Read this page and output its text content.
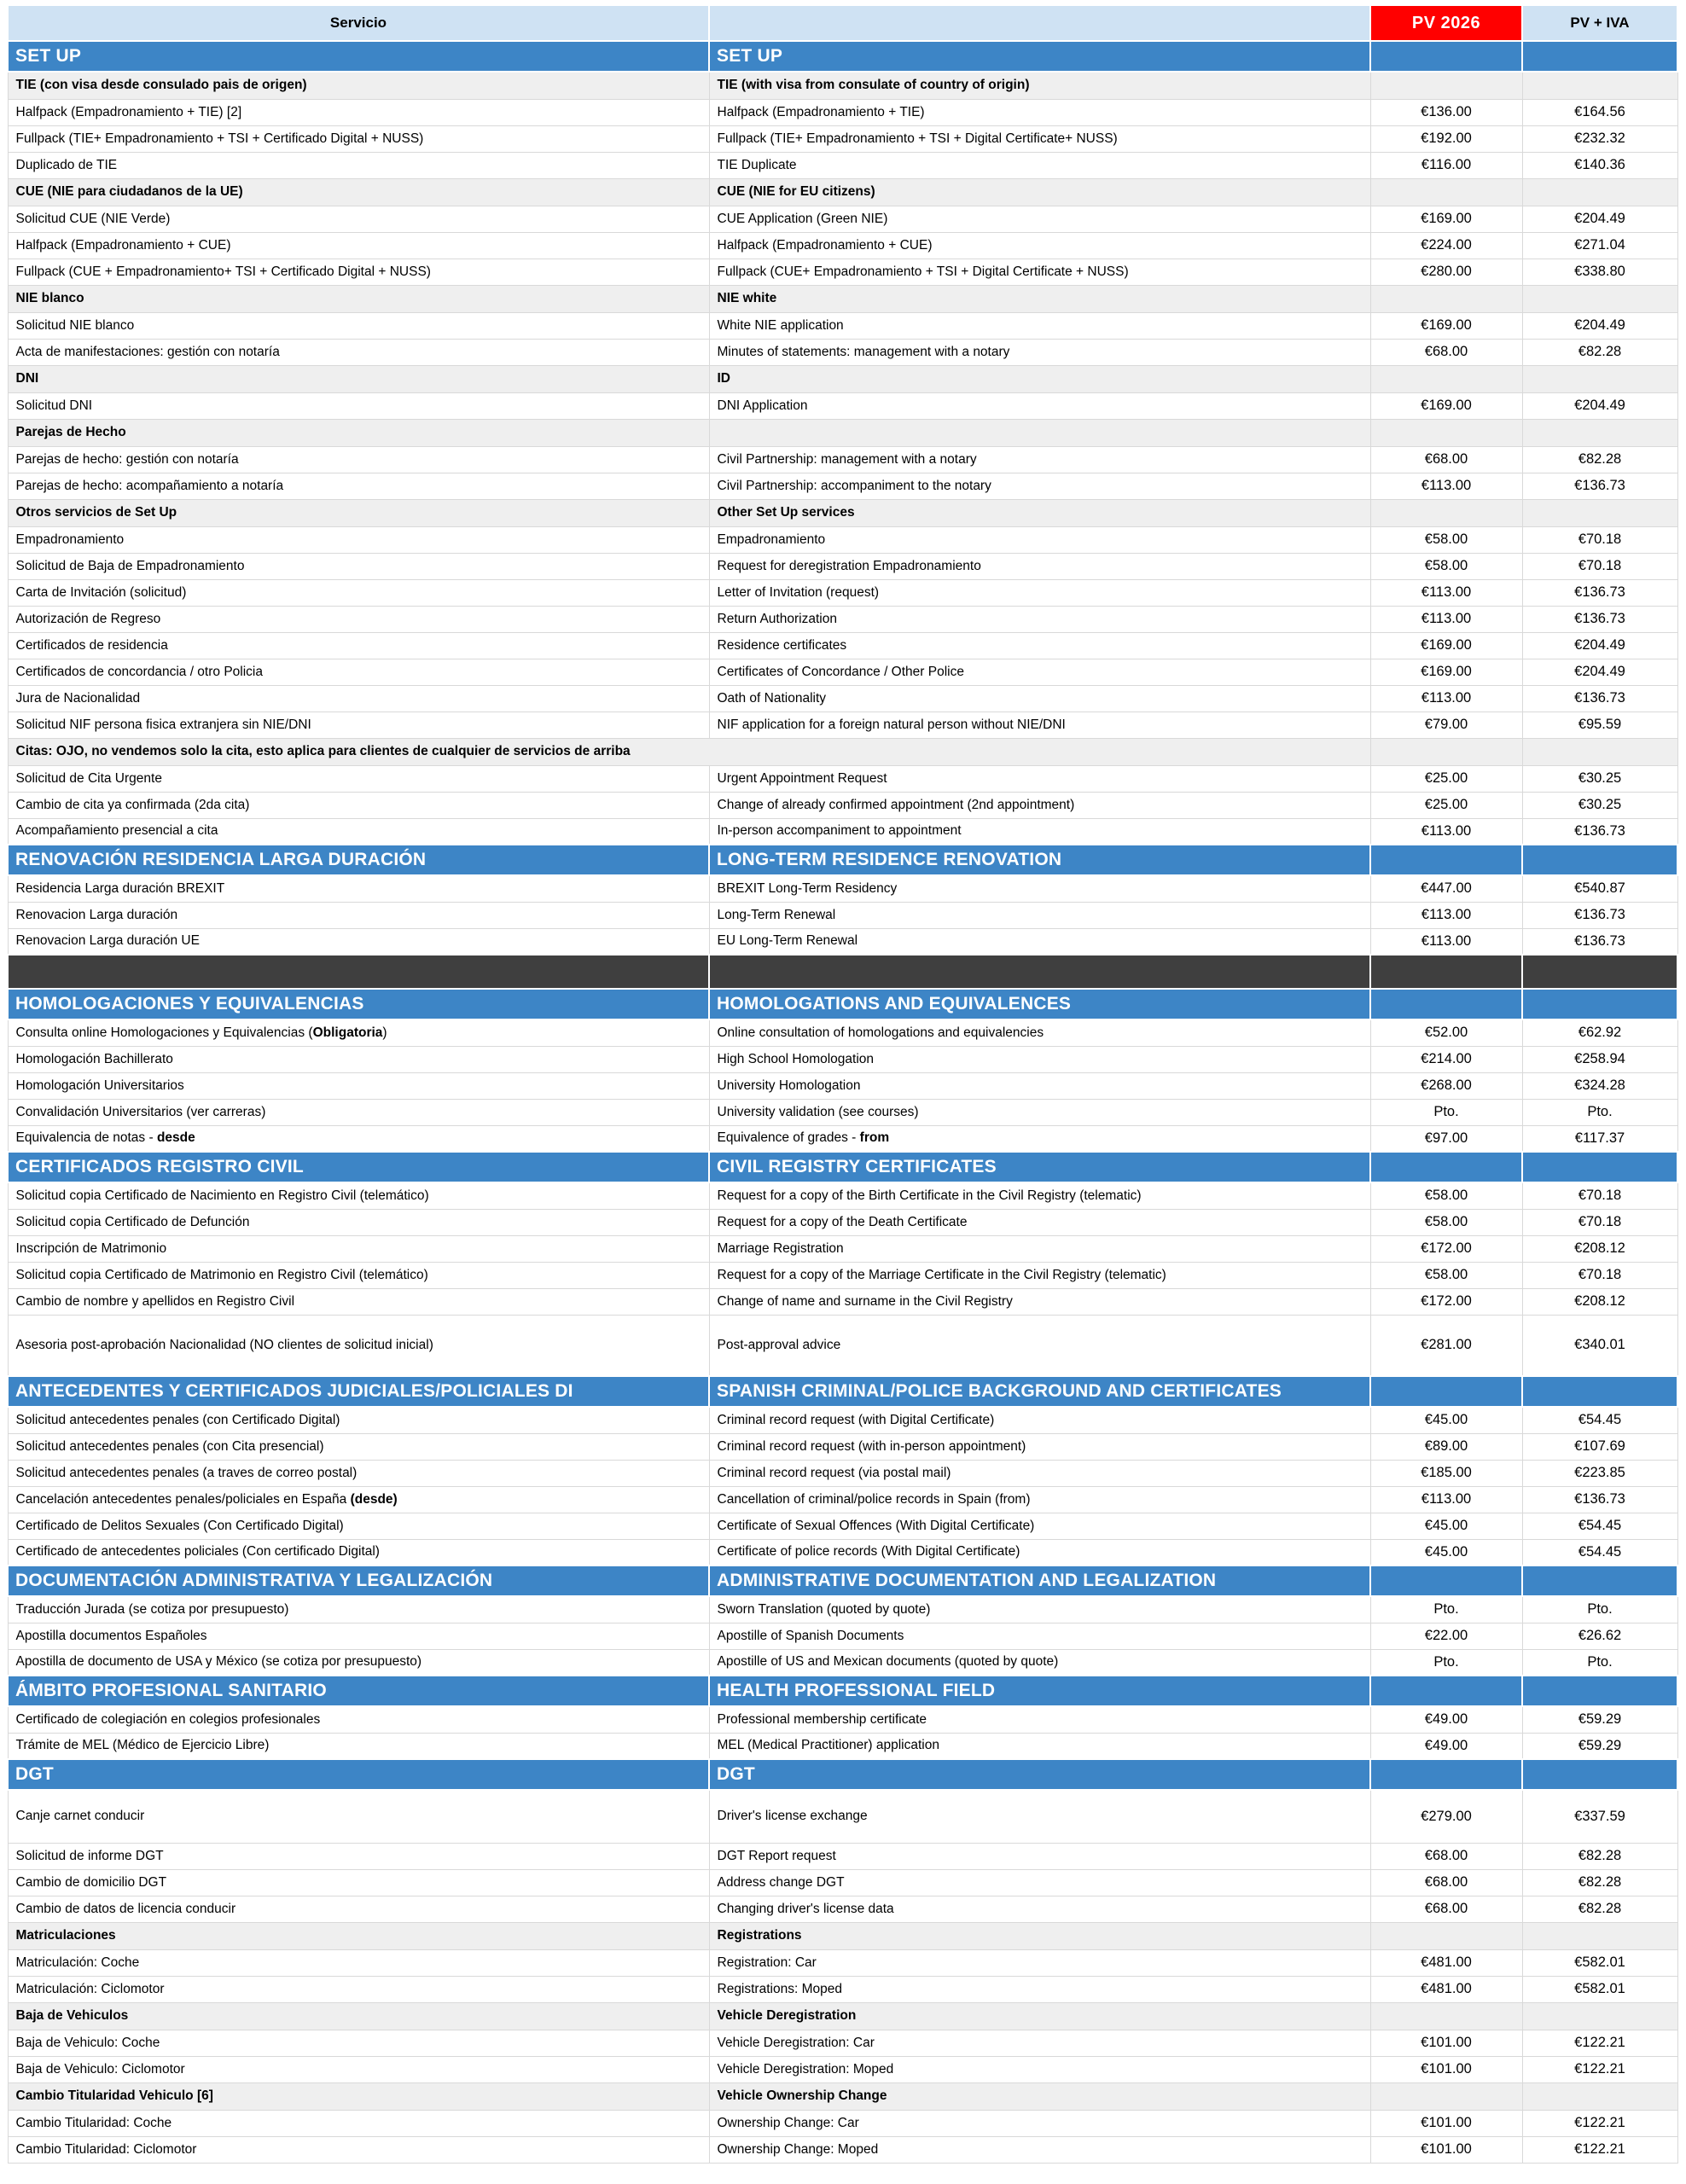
Servicio		PV 2026	PV + IVA
SET UP	SET UP		
TIE (con visa desde consulado pais de origen)	TIE (with visa from consulate of country of origin)		
Halfpack (Empadronamiento + TIE) [2]	Halfpack (Empadronamiento + TIE)	€136.00	€164.56
Fullpack (TIE+ Empadronamiento + TSI + Certificado Digital + NUSS)	Fullpack (TIE+ Empadronamiento + TSI + Digital Certificate+ NUSS)	€192.00	€232.32
Duplicado de TIE	TIE Duplicate	€116.00	€140.36
CUE (NIE para ciudadanos de la UE)	CUE (NIE for EU citizens)		
Solicitud CUE (NIE Verde)	CUE Application (Green NIE)	€169.00	€204.49
Halfpack (Empadronamiento + CUE)	Halfpack (Empadronamiento + CUE)	€224.00	€271.04
Fullpack (CUE + Empadronamiento+ TSI + Certificado Digital + NUSS)	Fullpack (CUE+ Empadronamiento + TSI + Digital Certificate + NUSS)	€280.00	€338.80
NIE blanco	NIE white		
Solicitud NIE blanco	White NIE application	€169.00	€204.49
Acta de manifestaciones: gestión con notaría	Minutes of statements: management with a notary	€68.00	€82.28
DNI	ID		
Solicitud DNI	DNI Application	€169.00	€204.49
Parejas de Hecho			
Parejas de hecho: gestión con notaría	Civil Partnership: management with a notary	€68.00	€82.28
Parejas de hecho: acompañamiento a notaría	Civil Partnership: accompaniment to the notary	€113.00	€136.73
Otros servicios de Set Up	Other Set Up services		
Empadronamiento	Empadronamiento	€58.00	€70.18
Solicitud de Baja de Empadronamiento	Request for deregistration Empadronamiento	€58.00	€70.18
Carta de Invitación (solicitud)	Letter of Invitation (request)	€113.00	€136.73
Autorización de Regreso	Return Authorization	€113.00	€136.73
Certificados de residencia	Residence certificates	€169.00	€204.49
Certificados de concordancia / otro Policia	Certificates of Concordance / Other Police	€169.00	€204.49
Jura de Nacionalidad	Oath of Nationality	€113.00	€136.73
Solicitud NIF persona fisica extranjera sin NIE/DNI	NIF application for a foreign natural person without NIE/DNI	€79.00	€95.59
Citas: OJO, no vendemos solo la cita, esto aplica para clientes de cualquier de servicios de arriba			
Solicitud de Cita Urgente	Urgent Appointment Request	€25.00	€30.25
Cambio de cita ya confirmada (2da cita)	Change of already confirmed appointment (2nd appointment)	€25.00	€30.25
Acompañamiento presencial a cita	In-person accompaniment to appointment	€113.00	€136.73
RENOVACIÓN RESIDENCIA LARGA DURACIÓN	LONG-TERM RESIDENCE RENOVATION		
Residencia Larga duración BREXIT	BREXIT Long-Term Residency	€447.00	€540.87
Renovacion Larga duración	Long-Term Renewal	€113.00	€136.73
Renovacion Larga duración UE	EU Long-Term Renewal	€113.00	€136.73

HOMOLOGACIONES Y EQUIVALENCIAS	HOMOLOGATIONS AND EQUIVALENCES		
Consulta online Homologaciones y Equivalencias (Obligatoria)	Online consultation of homologations and equivalencies	€52.00	€62.92
Homologación Bachillerato	High School Homologation	€214.00	€258.94
Homologación Universitarios	University Homologation	€268.00	€324.28
Convalidación Universitarios (ver carreras)	University validation (see courses)	Pto.	Pto.
Equivalencia de notas - desde	Equivalence of grades - from	€97.00	€117.37
CERTIFICADOS REGISTRO CIVIL	CIVIL REGISTRY CERTIFICATES		
Solicitud copia Certificado de Nacimiento en Registro Civil (telemático)	Request for a copy of the Birth Certificate in the Civil Registry (telematic)	€58.00	€70.18
Solicitud copia Certificado de Defunción	Request for a copy of the Death Certificate	€58.00	€70.18
Inscripción de Matrimonio	Marriage Registration	€172.00	€208.12
Solicitud copia Certificado de Matrimonio en Registro Civil (telemático)	Request for a copy of the Marriage Certificate in the Civil Registry (telematic)	€58.00	€70.18
Cambio de nombre y apellidos en Registro Civil	Change of name and surname in the Civil Registry	€172.00	€208.12
Asesoria post-aprobación Nacionalidad (NO clientes de solicitud inicial)	Post-approval advice	€281.00	€340.01
ANTECEDENTES Y CERTIFICADOS JUDICIALES/POLICIALES DI	SPANISH CRIMINAL/POLICE BACKGROUND AND CERTIFICATES		
Solicitud antecedentes penales (con Certificado Digital)	Criminal record request (with Digital Certificate)	€45.00	€54.45
Solicitud antecedentes penales (con Cita presencial)	Criminal record request (with in-person appointment)	€89.00	€107.69
Solicitud antecedentes penales (a traves de correo postal)	Criminal record request (via postal mail)	€185.00	€223.85
Cancelación antecedentes penales/policiales en España (desde)	Cancellation of criminal/police records in Spain (from)	€113.00	€136.73
Certificado de Delitos Sexuales (Con Certificado Digital)	Certificate of Sexual Offences (With Digital Certificate)	€45.00	€54.45
Certificado de antecedentes policiales (Con certificado Digital)	Certificate of police records (With Digital Certificate)	€45.00	€54.45
DOCUMENTACIÓN ADMINISTRATIVA Y LEGALIZACIÓN	ADMINISTRATIVE DOCUMENTATION AND LEGALIZATION		
Traducción Jurada (se cotiza por presupuesto)	Sworn Translation (quoted by quote)	Pto.	Pto.
Apostilla documentos Españoles	Apostille of Spanish Documents	€22.00	€26.62
Apostilla de documento de USA y México (se cotiza por presupuesto)	Apostille of US and Mexican documents (quoted by quote)	Pto.	Pto.
ÁMBITO PROFESIONAL SANITARIO	HEALTH PROFESSIONAL FIELD		
Certificado de colegiación en colegios profesionales	Professional membership certificate	€49.00	€59.29
Trámite de MEL (Médico de Ejercicio Libre)	MEL (Medical Practitioner) application	€49.00	€59.29
DGT	DGT		
Canje carnet conducir	Driver's license exchange	€279.00	€337.59
Solicitud de informe DGT	DGT Report request	€68.00	€82.28
Cambio de domicilio DGT	Address change DGT	€68.00	€82.28
Cambio de datos de licencia conducir	Changing driver's license data	€68.00	€82.28
Matriculaciones	Registrations		
Matriculación: Coche	Registration: Car	€481.00	€582.01
Matriculación: Ciclomotor	Registrations: Moped	€481.00	€582.01
Baja de Vehiculos	Vehicle Deregistration		
Baja de Vehiculo: Coche	Vehicle Deregistration: Car	€101.00	€122.21
Baja de Vehiculo: Ciclomotor	Vehicle Deregistration: Moped	€101.00	€122.21
Cambio Titularidad Vehiculo [6]	Vehicle Ownership Change		
Cambio Titularidad: Coche	Ownership Change: Car	€101.00	€122.21
Cambio Titularidad: Ciclomotor	Ownership Change: Moped	€101.00	€122.21
